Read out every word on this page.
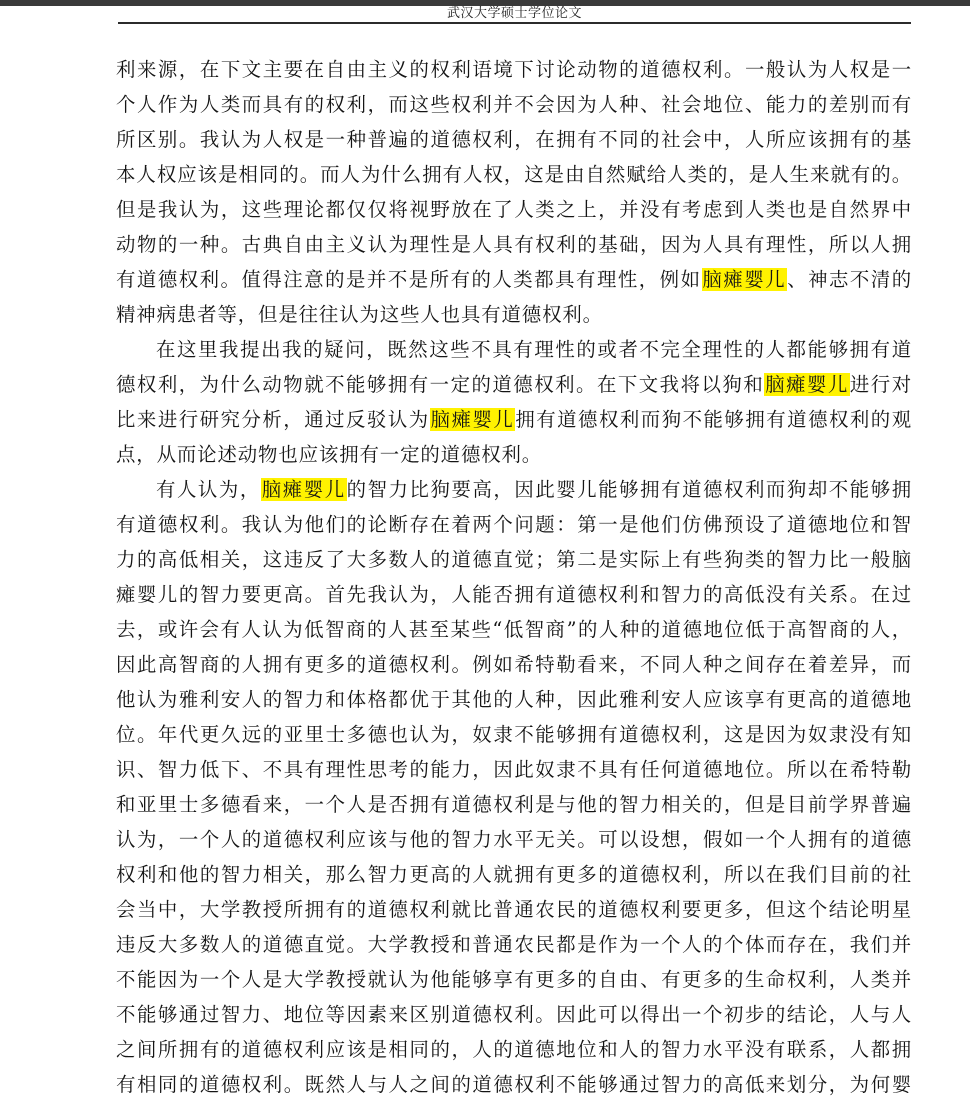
武汉大学硕士学位论文
利来源，在下文主要在自由主义的权利语境下讨论动物的道德权利。一般认为人权是一
个人作为人类而具有的权利，而这些权利并不会因为人种、社会地位、能力的差别而有
所区别。我认为人权是一种普遍的道德权利，在拥有不同的社会中，人所应该拥有的基
本人权应该是相同的。而人为什么拥有人权，这是由自然赋给人类的，是人生来就有的。
但是我认为，这些理论都仅仅将视野放在了人类之上，并没有考虑到人类也是自然界中
动物的一种。古典自由主义认为理性是人具有权利的基础，因为人具有理性，所以人拥
有道德权利。值得注意的是并不是所有的人类都具有理性，例如脑瘫婴儿、神志不清的
精神病患者等，但是往往认为这些人也具有道德权利。
在这里我提出我的疑问，既然这些不具有理性的或者不完全理性的人都能够拥有道
德权利，为什么动物就不能够拥有一定的道德权利。在下文我将以狗和脑瘫婴儿进行对
比来进行研究分析，通过反驳认为脑瘫婴儿拥有道德权利而狗不能够拥有道德权利的观
点，从而论述动物也应该拥有一定的道德权利。
有人认为，脑瘫婴儿的智力比狗要高，因此婴儿能够拥有道德权利而狗却不能够拥
有道德权利。我认为他们的论断存在着两个问题：第一是他们仿佛预设了道德地位和智
力的高低相关，这违反了大多数人的道德直觉；第二是实际上有些狗类的智力比一般脑
瘫婴儿的智力要更高。首先我认为，人能否拥有道德权利和智力的高低没有关系。在过
去，或许会有人认为低智商的人甚至某些“低智商”的人种的道德地位低于高智商的人，
因此高智商的人拥有更多的道德权利。例如希特勒看来，不同人种之间存在着差异，而
他认为雅利安人的智力和体格都优于其他的人种，因此雅利安人应该享有更高的道德地
位。年代更久远的亚里士多德也认为，奴隶不能够拥有道德权利，这是因为奴隶没有知
识、智力低下、不具有理性思考的能力，因此奴隶不具有任何道德地位。所以在希特勒
和亚里士多德看来，一个人是否拥有道德权利是与他的智力相关的，但是目前学界普遍
认为，一个人的道德权利应该与他的智力水平无关。可以设想，假如一个人拥有的道德
权利和他的智力相关，那么智力更高的人就拥有更多的道德权利，所以在我们目前的社
会当中，大学教授所拥有的道德权利就比普通农民的道德权利要更多，但这个结论明星
违反大多数人的道德直觉。大学教授和普通农民都是作为一个人的个体而存在，我们并
不能因为一个人是大学教授就认为他能够享有更多的自由、有更多的生命权利，人类并
不能够通过智力、地位等因素来区别道德权利。因此可以得出一个初步的结论，人与人
之间所拥有的道德权利应该是相同的，人的道德地位和人的智力水平没有联系，人都拥
有相同的道德权利。既然人与人之间的道德权利不能够通过智力的高低来划分，为何婴
